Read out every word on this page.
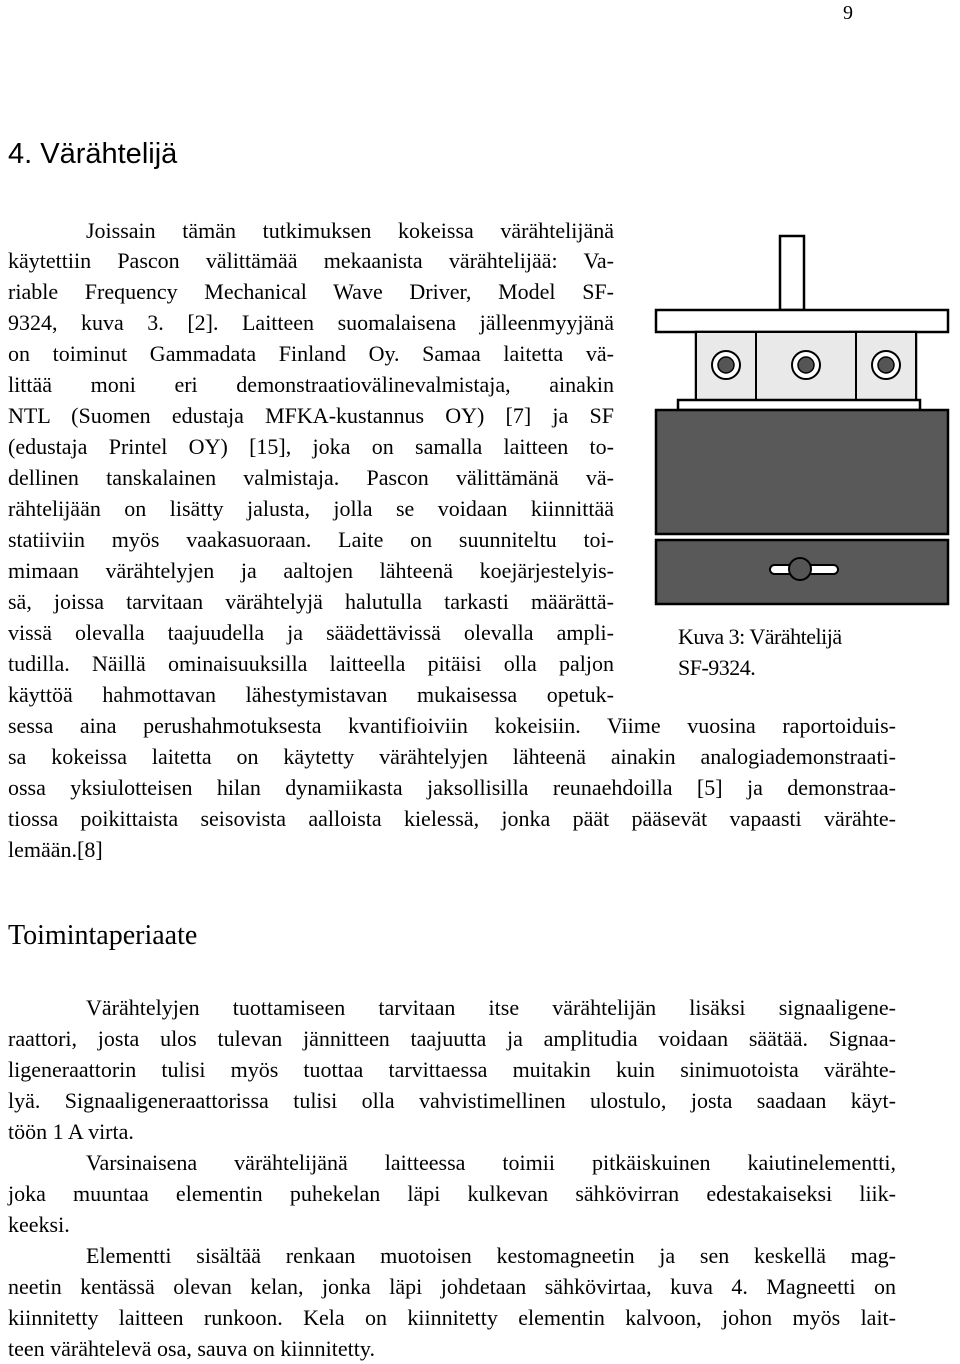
9
4. Värähtelijä
Joissain tämän tutkimuksen kokeissa värähtelijänä
käytettiin Pascon välittämää mekaanista värähtelijää: Va-
riable Frequency Mechanical Wave Driver, Model SF-
9324, kuva 3. [2]. Laitteen suomalaisena jälleenmyyjänä
on toiminut Gammadata Finland Oy. Samaa laitetta vä-
littää moni eri demonstraatiovälinevalmistaja, ainakin
NTL (Suomen edustaja MFKA-kustannus OY) [7] ja SF
(edustaja Printel OY) [15], joka on samalla laitteen to-
dellinen tanskalainen valmistaja. Pascon välittämänä vä-
rähtelijään on lisätty jalusta, jolla se voidaan kiinnittää
statiiviin myös vaakasuoraan. Laite on suunniteltu toi-
mimaan värähtelyjen ja aaltojen lähteenä koejärjestelyis-
sä, joissa tarvitaan värähtelyjä halutulla tarkasti määrättä-
vissä olevalla taajuudella ja säädettävissä olevalla ampli-
tudilla. Näillä ominaisuuksilla laitteella pitäisi olla paljon
käyttöä hahmottavan lähestymistavan mukaisessa opetuk-
sessa aina perushahmotuksesta kvantifioiviin kokeisiin. Viime vuosina raportoiduis-
sa kokeissa laitetta on käytetty värähtelyjen lähteenä ainakin analogiademonstraati-
ossa yksiulotteisen hilan dynamiikasta jaksollisilla reunaehdoilla [5] ja demonstraa-
tiossa poikittaista seisovista aalloista kielessä, jonka päät pääsevät vapaasti värähte-
lemään.[8]
Kuva 3: Värähtelijä
SF-9324.
Toimintaperiaate
Värähtelyjen tuottamiseen tarvitaan itse värähtelijän lisäksi signaaligene-
raattori, josta ulos tulevan jännitteen taajuutta ja amplitudia voidaan säätää. Signaa-
ligeneraattorin tulisi myös tuottaa tarvittaessa muitakin kuin sinimuotoista värähte-
lyä. Signaaligeneraattorissa tulisi olla vahvistimellinen ulostulo, josta saadaan käyt-
töön 1 A virta.
Varsinaisena värähtelijänä laitteessa toimii pitkäiskuinen kaiutinelementti,
joka muuntaa elementin puhekelan läpi kulkevan sähkövirran edestakaiseksi liik-
keeksi.
Elementti sisältää renkaan muotoisen kestomagneetin ja sen keskellä mag-
neetin kentässä olevan kelan, jonka läpi johdetaan sähkövirtaa, kuva 4. Magneetti on
kiinnitetty laitteen runkoon. Kela on kiinnitetty elementin kalvoon, johon myös lait-
teen värähtelevä osa, sauva on kiinnitetty.
